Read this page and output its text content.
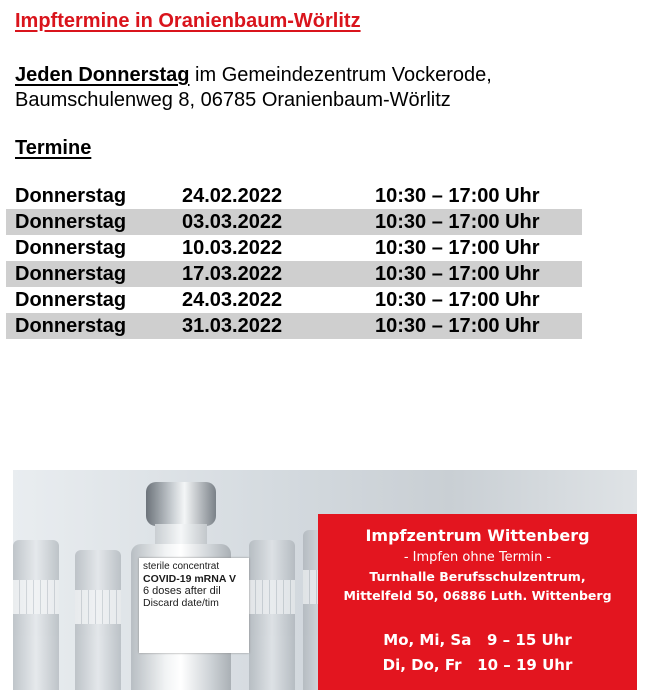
Impftermine in Oranienbaum-Wörlitz
Jeden Donnerstag im Gemeindezentrum Vockerode,
Baumschulenweg 8, 06785 Oranienbaum-Wörlitz
Termine
Donnerstag	24.02.2022	10:30 – 17:00 Uhr
Donnerstag	03.03.2022	10:30 – 17:00 Uhr
Donnerstag	10.03.2022	10:30 – 17:00 Uhr
Donnerstag	17.03.2022	10:30 – 17:00 Uhr
Donnerstag	24.03.2022	10:30 – 17:00 Uhr
Donnerstag	31.03.2022	10:30 – 17:00 Uhr
sterile concentrat
COVID-19 mRNA V
6 doses after dil
Discard date/tim
Impfzentrum Wittenberg
- Impfen ohne Termin -
Turnhalle Berufsschulzentrum,
Mittelfeld 50, 06886 Luth. Wittenberg
Mo, Mi, Sa   9 – 15 Uhr
Di, Do, Fr   10 – 19 Uhr
